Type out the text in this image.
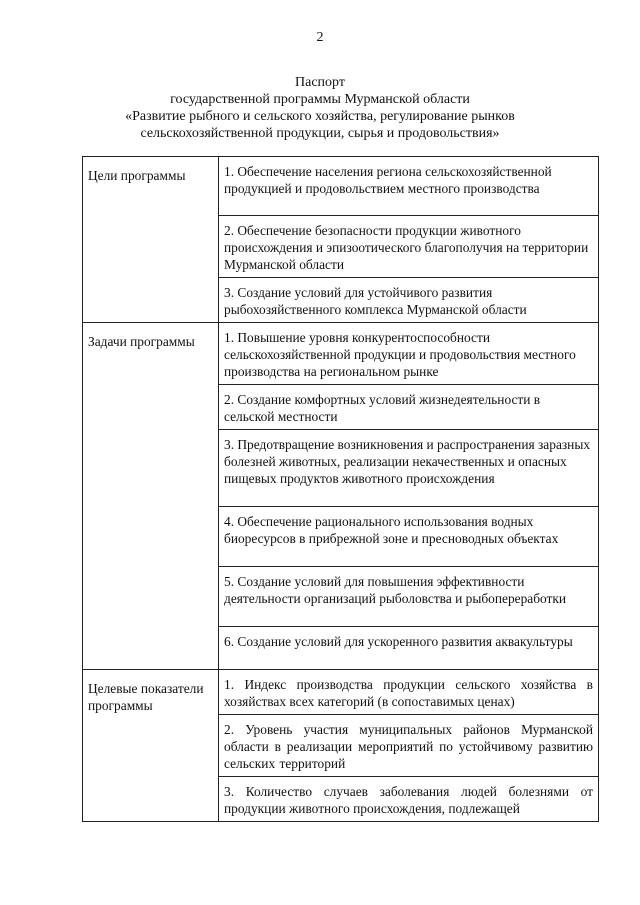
2
Паспорт
государственной программы Мурманской области
«Развитие рыбного и сельского хозяйства, регулирование рынков
сельскохозяйственной продукции, сырья и продовольствия»
Цели программы	1. Обеспечение населения региона сельскохозяйственной продукцией и продовольствием местного производства
	2. Обеспечение безопасности продукции животного происхождения и эпизоотического благополучия на территории Мурманской области
	3. Создание условий для устойчивого развития рыбохозяйственного комплекса Мурманской области
Задачи программы	1. Повышение уровня конкурентоспособности сельскохозяйственной продукции и продовольствия местного производства на региональном рынке
	2. Создание комфортных условий жизнедеятельности в сельской местности
	3. Предотвращение возникновения и распространения заразных болезней животных, реализации некачественных и опасных пищевых продуктов животного происхождения
	4. Обеспечение рационального использования водных биоресурсов в прибрежной зоне и пресноводных объектах
	5. Создание условий для повышения эффективности деятельности организаций рыболовства и рыбопереработки
	6. Создание условий для ускоренного развития аквакультуры
Целевые показатели программы	1. Индекс производства продукции сельского хозяйства в хозяйствах всех категорий (в сопоставимых ценах)
	2. Уровень участия муниципальных районов Мурманской области в реализации мероприятий по устойчивому развитию сельских территорий
	3. Количество случаев заболевания людей болезнями от продукции животного происхождения, подлежащей
